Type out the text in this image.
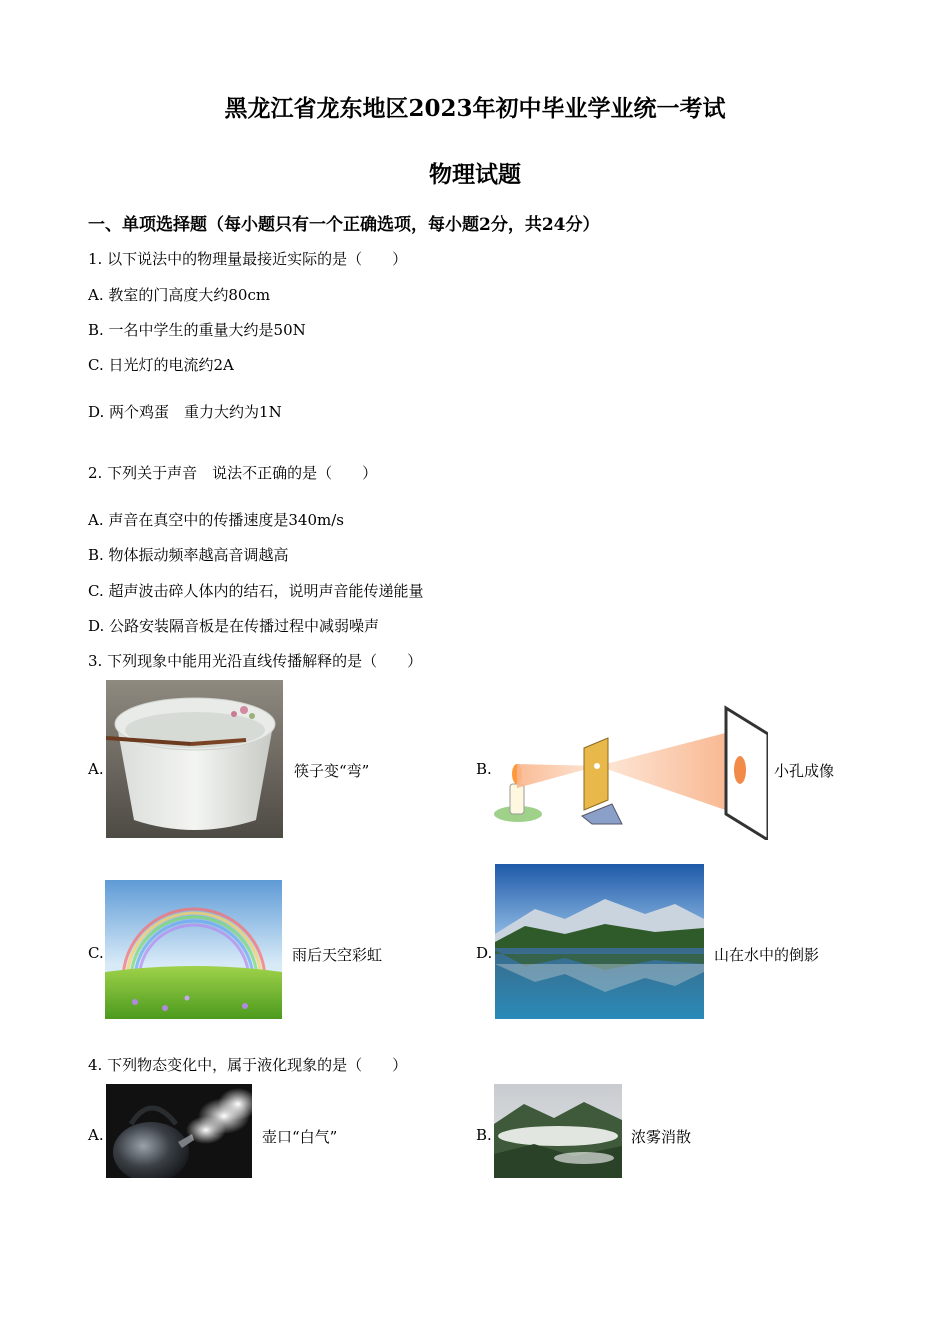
黑龙江省龙东地区2023年初中毕业学业统一考试
物理试题
一、单项选择题（每小题只有一个正确选项，每小题2分，共24分）
1. 以下说法中的物理量最接近实际的是（　　）
A. 教室的门高度大约80cm
B. 一名中学生的重量大约是50N
C. 日光灯的电流约2A
D. 两个鸡蛋　重力大约为1N
2. 下列关于声音　说法不正确的是（　　）
A. 声音在真空中的传播速度是340m/s
B. 物体振动频率越高音调越高
C. 超声波击碎人体内的结石，说明声音能传递能量
D. 公路安装隔音板是在传播过程中减弱噪声
3. 下列现象中能用光沿直线传播解释的是（　　）
A.	筷子变“弯”	B.	小孔成像
C.	雨后天空彩虹	D.	山在水中的倒影
4. 下列物态变化中，属于液化现象的是（　　）
A.	壶口“白气”	B.	浓雾消散
